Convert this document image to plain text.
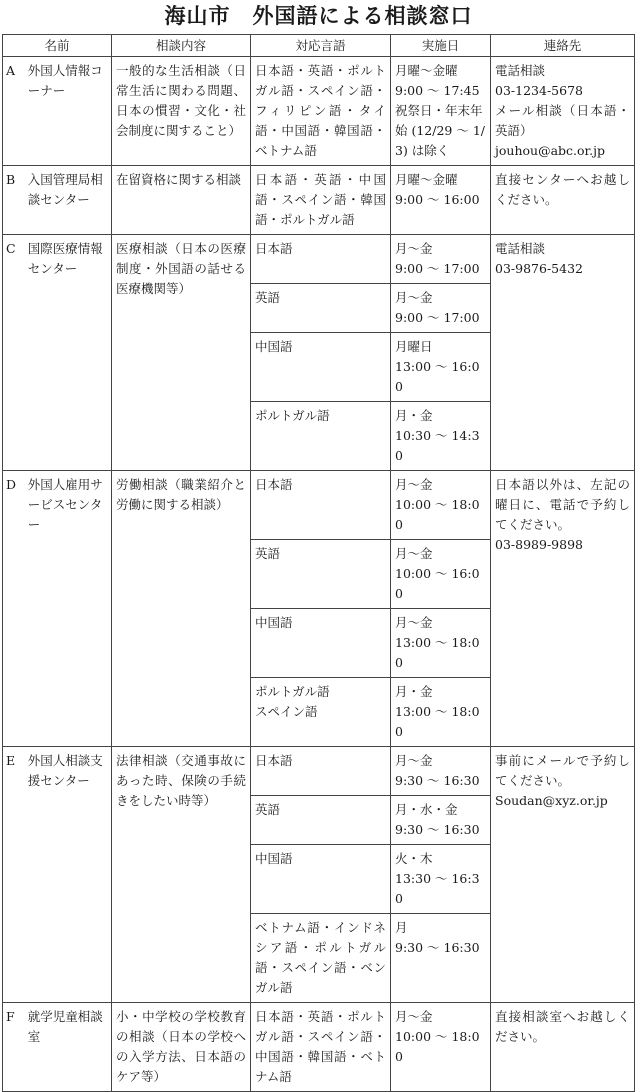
海山市　外国語による相談窓口
名前	相談内容	対応言語	実施日	連絡先

A 外国人情報コーナー	一般的な生活相談（日常生活に関わる問題、日本の慣習・文化・社会制度に関すること）	日本語・英語・ポルトガル語・スペイン語・フィリピン語・タイ語・中国語・韓国語・ベトナム語	月曜～金曜
9:00 ～ 17:45
祝祭日・年末年始 (12/29 ～ 1/3) は除く	電話相談
03-1234-5678
メール相談（日本語・英語）
jouhou@abc.or.jp

B 入国管理局相談センター	在留資格に関する相談	日本語・英語・中国語・スペイン語・韓国語・ポルトガル語	月曜～金曜
9:00 ～ 16:00	直接センターへお越しください。

C 国際医療情報センター	医療相談（日本の医療制度・外国語の話せる医療機関等）	日本語	月～金
9:00 ～ 17:00	電話相談
03-9876-5432
		英語	月～金
9:00 ～ 17:00	
		中国語	月曜日
13:00 ～ 16:00	
		ポルトガル語	月・金
10:30 ～ 14:30	

D 外国人雇用サービスセンター	労働相談（職業紹介と労働に関する相談）	日本語	月～金
10:00 ～ 18:00	日本語以外は、左記の曜日に、電話で予約してください。
03-8989-9898
		英語	月～金
10:00 ～ 16:00	
		中国語	月～金
13:00 ～ 18:00	
		ポルトガル語
スペイン語	月・金
13:00 ～ 18:00	

E 外国人相談支援センター	法律相談（交通事故にあった時、保険の手続きをしたい時等）	日本語	月～金
9:30 ～ 16:30	事前にメールで予約してください。
Soudan@xyz.or.jp
		英語	月・水・金
9:30 ～ 16:30	
		中国語	火・木
13:30 ～ 16:30	
		ベトナム語・インドネシア語・ポルトガル語・スペイン語・ベンガル語	月
9:30 ～ 16:30	

F 就学児童相談室	小・中学校の学校教育の相談（日本の学校への入学方法、日本語のケア等）	日本語・英語・ポルトガル語・スペイン語・中国語・韓国語・ベトナム語	月～金
10:00 ～ 18:00	直接相談室へお越しください。
